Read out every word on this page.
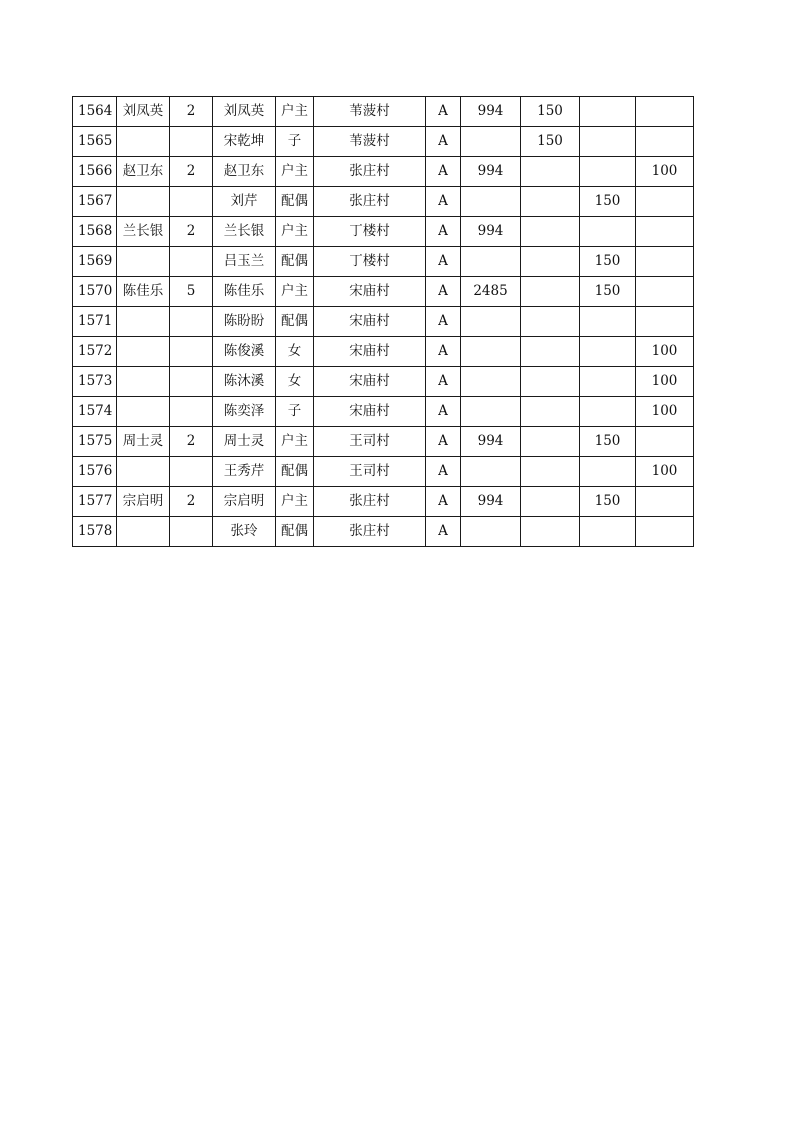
1564	刘凤英	2	刘凤英	户主	苇菠村	A	994	150		
1565			宋乾坤	子	苇菠村	A		150		
1566	赵卫东	2	赵卫东	户主	张庄村	A	994			100
1567			刘芹	配偶	张庄村	A			150	
1568	兰长银	2	兰长银	户主	丁楼村	A	994			
1569			吕玉兰	配偶	丁楼村	A			150	
1570	陈佳乐	5	陈佳乐	户主	宋庙村	A	2485		150	
1571			陈盼盼	配偶	宋庙村	A				
1572			陈俊溪	女	宋庙村	A				100
1573			陈沐溪	女	宋庙村	A				100
1574			陈奕泽	子	宋庙村	A				100
1575	周士灵	2	周士灵	户主	王司村	A	994		150	
1576			王秀芹	配偶	王司村	A				100
1577	宗启明	2	宗启明	户主	张庄村	A	994		150	
1578			张玲	配偶	张庄村	A				
